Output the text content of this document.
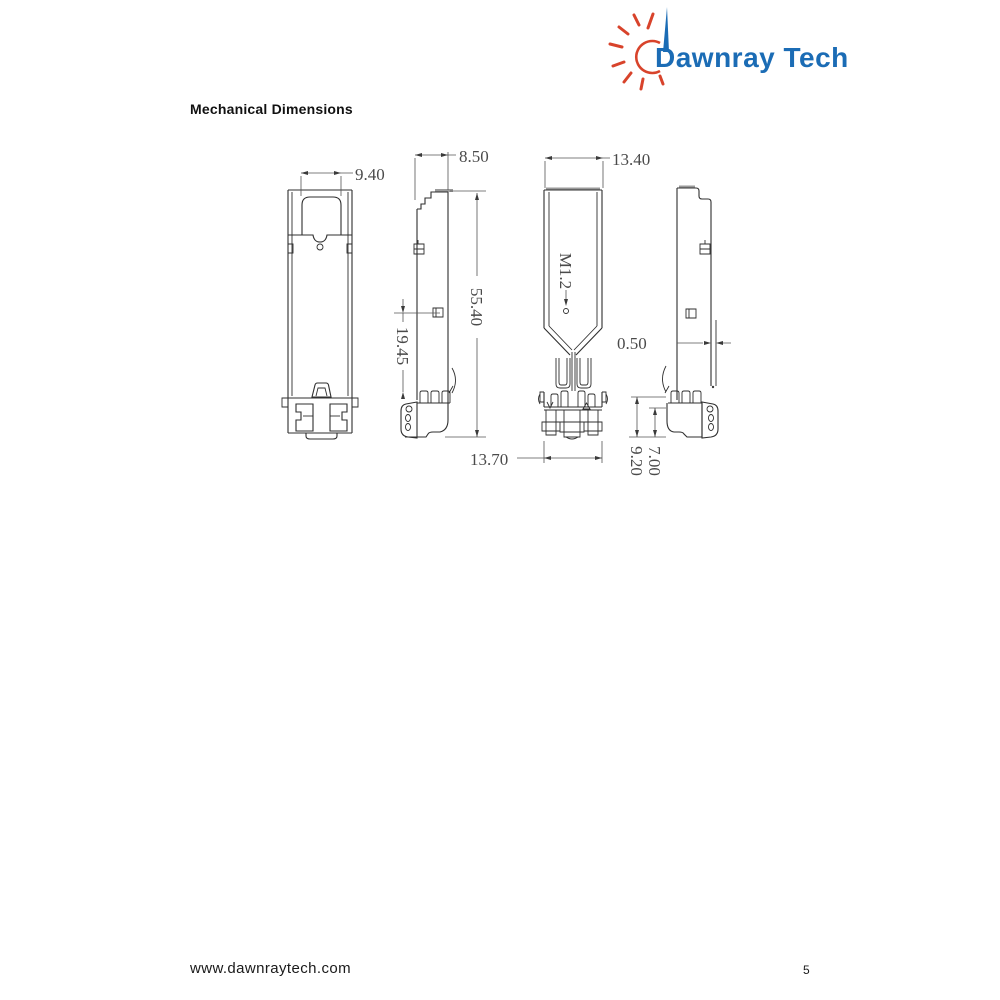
Dawnray Tech
Mechanical Dimensions
9.40
8.50
55.40
19.45
13.70
M1.2
13.40
0.50
9.20 7.00
www.dawnraytech.com	5
